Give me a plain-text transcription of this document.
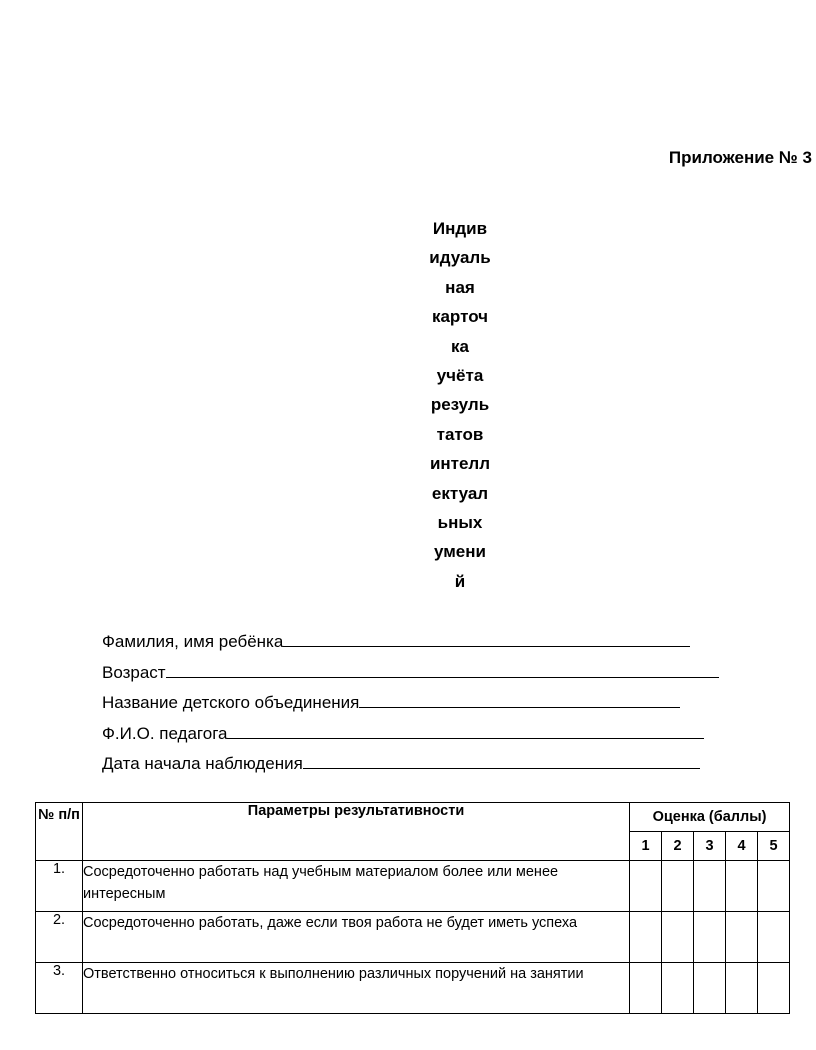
Приложение № 3
Индив
идуаль
ная
карточ
ка
учёта
резуль
татов
интелл
ектуал
ьных
умени
й
Фамилия, имя ребёнка
Возраст
Название детского объединения
Ф.И.О. педагога
Дата начала наблюдения
№ п/п	Параметры результативности	Оценка (баллы)				
		1	2	3	4	5
1.	Сосредоточенно работать над учебным материалом более или менее интересным					
2.	Сосредоточенно работать, даже если твоя работа не будет иметь успеха					
3.	Ответственно относиться к выполнению различных поручений на занятии					
